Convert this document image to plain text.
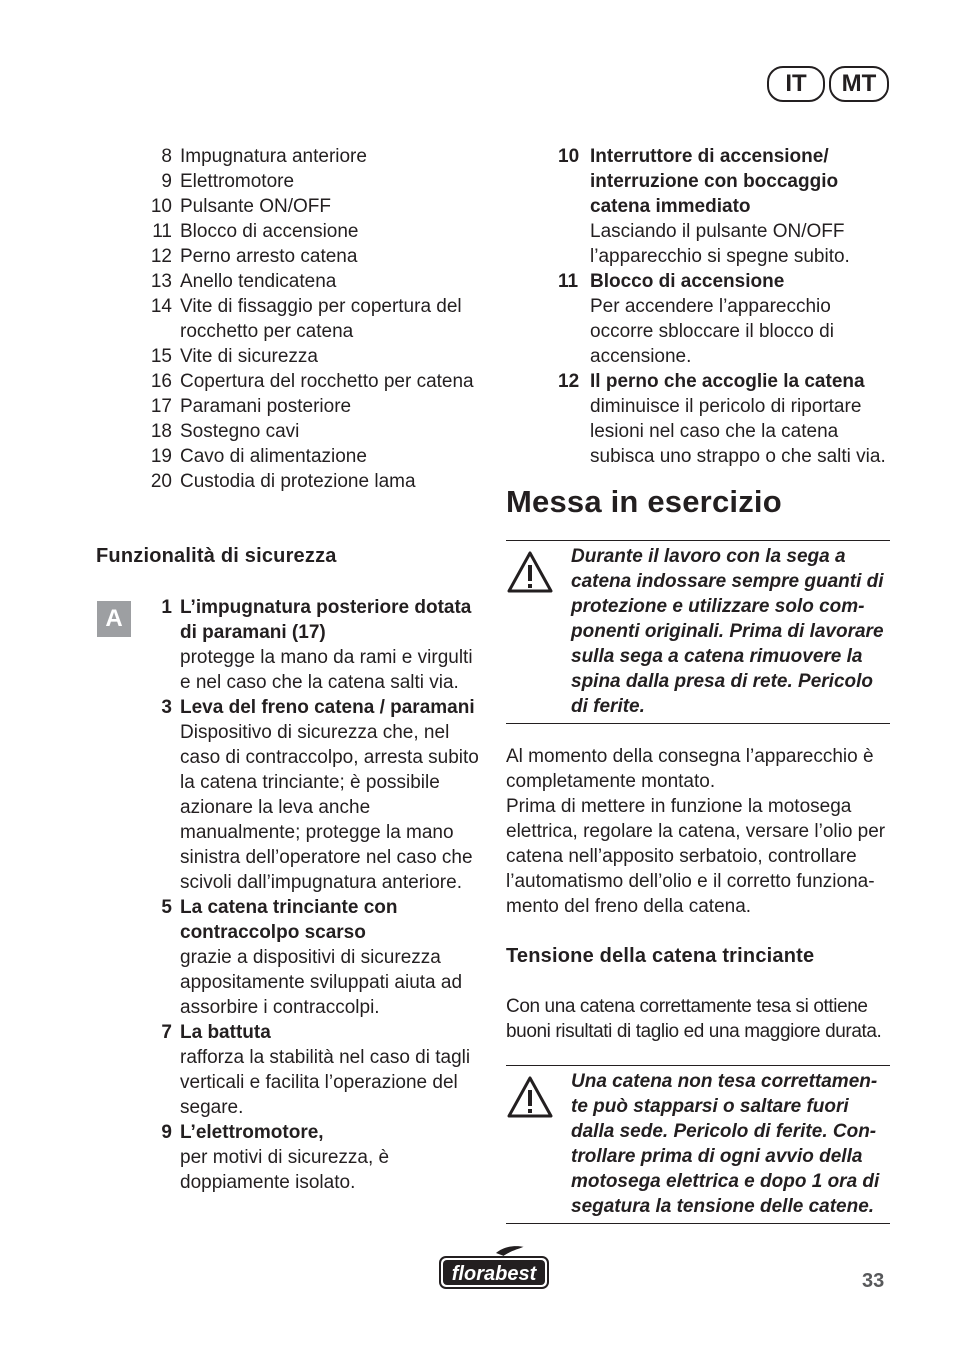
IT	MT
8 Impugnatura anteriore
9 Elettromotore
10 Pulsante ON/OFF
11 Blocco di accensione
12 Perno arresto catena
13 Anello tendicatena
14 Vite di fissaggio per copertura del rocchetto per catena
15 Vite di sicurezza
16 Copertura del rocchetto per catena
17 Paramani posteriore
18 Sostegno cavi
19 Cavo di alimentazione
20 Custodia di protezione lama
Funzionalità di sicurezza
A	1 L’impugnatura posteriore dotata di paramani (17)
protegge la mano da rami e virgulti e nel caso che la catena salti via.
3 Leva del freno catena / paramani
Dispositivo di sicurezza che, nel caso di contraccolpo, arresta subito la catena trinciante; è possibile azionare la leva anche manualmente; protegge la mano sinistra dell’operatore nel caso che scivoli dall’impugnatura anteriore.
5 La catena trinciante con contraccolpo scarso
grazie a dispositivi di sicurezza appositamente sviluppati aiuta ad assorbire i contraccolpi.
7 La battuta
rafforza la stabilità nel caso di tagli verticali e facilita l’operazione del segare.
9 L’elettromotore,
per motivi di sicurezza, è doppiamente isolato.
10 Interruttore di accensione/ interruzione con boccaggio catena immediato
Lasciando il pulsante ON/OFF l’apparecchio si spegne subito.
11 Blocco di accensione
Per accendere l’apparecchio occorre sbloccare il blocco di accensione.
12 Il perno che accoglie la catena
diminuisce il pericolo di riportare lesioni nel caso che la catena subisca uno strappo o che salti via.
Messa in esercizio
Durante il lavoro con la sega a catena indossare sempre guanti di protezione e utilizzare solo com- ponenti originali. Prima di lavorare sulla sega a catena rimuovere la spina dalla presa di rete. Pericolo di ferite.
Al momento della consegna l’apparecchio è completamente montato.
Prima di mettere in funzione la motosega elettrica, regolare la catena, versare l’olio per catena nell’apposito serbatoio, controllare l’automatismo dell’olio e il corretto funziona- mento del freno della catena.
Tensione della catena trinciante

Con una catena correttamente tesa si ottiene buoni risultati di taglio ed una maggiore durata.

Una catena non tesa correttamen- te può stapparsi o saltare fuori dalla sede. Pericolo di ferite. Con- trollare prima di ogni avvio della motosega elettrica e dopo 1 ora di segatura la tensione delle catene.
florabest	33
